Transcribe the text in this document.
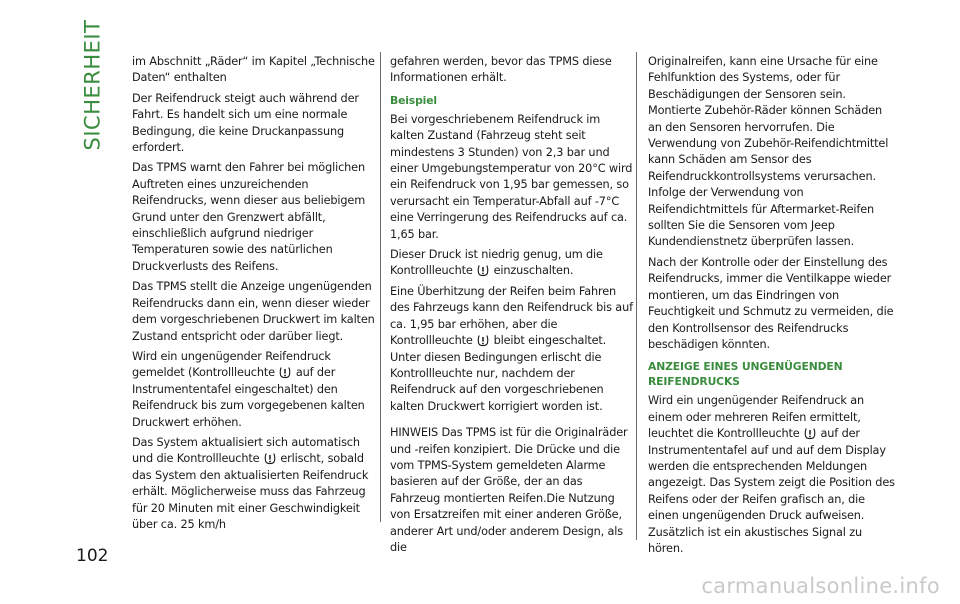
SICHERHEIT im Abschnitt „Räder“ im Kapitel „Technische Daten“ enthalten

Der Reifendruck steigt auch während der Fahrt. Es handelt sich um eine normale Bedingung, die keine Druckanpassung erfordert.

Das TPMS warnt den Fahrer bei möglichen Auftreten eines unzureichenden Reifendrucks, wenn dieser aus beliebigem Grund unter den Grenzwert abfällt, einschließlich aufgrund niedriger Temperaturen sowie des natürlichen Druckverlusts des Reifens.

Das TPMS stellt die Anzeige ungenügenden Reifendrucks dann ein, wenn dieser wieder dem vorgeschriebenen Druckwert im kalten Zustand entspricht oder darüber liegt.

Wird ein ungenügender Reifendruck gemeldet (Kontrollleuchte auf der Instrumententafel eingeschaltet) den Reifendruck bis zum vorgegebenen kalten Druckwert erhöhen.

Das System aktualisiert sich automatisch und die Kontrollleuchte erlischt, sobald das System den aktualisierten Reifendruck erhält. Möglicherweise muss das Fahrzeug für 20 Minuten mit einer Geschwindigkeit über ca. 25 km/h

gefahren werden, bevor das TPMS diese Informationen erhält.

Beispiel

Bei vorgeschriebenem Reifendruck im kalten Zustand (Fahrzeug steht seit mindestens 3 Stunden) von 2,3 bar und einer Umgebungstemperatur von 20°C wird ein Reifendruck von 1,95 bar gemessen, so verursacht ein Temperatur-Abfall auf -7°C eine Verringerung des Reifendrucks auf ca. 1,65 bar.

Dieser Druck ist niedrig genug, um die Kontrollleuchte einzuschalten.

Eine Überhitzung der Reifen beim Fahren des Fahrzeugs kann den Reifendruck bis auf ca. 1,95 bar erhöhen, aber die Kontrollleuchte bleibt eingeschaltet. Unter diesen Bedingungen erlischt die Kontrollleuchte nur, nachdem der Reifendruck auf den vorgeschriebenen kalten Druckwert korrigiert worden ist.

HINWEIS Das TPMS ist für die Originalräder und -reifen konzipiert. Die Drücke und die vom TPMS-System gemeldeten Alarme basieren auf der Größe, der an das Fahrzeug montierten Reifen.Die Nutzung von Ersatzreifen mit einer anderen Größe, anderer Art und/oder anderem Design, als die

Originalreifen, kann eine Ursache für eine Fehlfunktion des Systems, oder für Beschädigungen der Sensoren sein. Montierte Zubehör-Räder können Schäden an den Sensoren hervorrufen. Die Verwendung von Zubehör-Reifendichtmittel kann Schäden am Sensor des Reifendruckkontrollsystems verursachen. Infolge der Verwendung von Reifendichtmittels für Aftermarket-Reifen sollten Sie die Sensoren vom Jeep Kundendienstnetz überprüfen lassen.

Nach der Kontrolle oder der Einstellung des Reifendrucks, immer die Ventilkappe wieder montieren, um das Eindringen von Feuchtigkeit und Schmutz zu vermeiden, die den Kontrollsensor des Reifendrucks beschädigen könnten.

ANZEIGE EINES UNGENÜGENDEN REIFENDRUCKS

Wird ein ungenügender Reifendruck an einem oder mehreren Reifen ermittelt, leuchtet die Kontrollleuchte auf der Instrumententafel auf und auf dem Display werden die entsprechenden Meldungen angezeigt. Das System zeigt die Position des Reifens oder der Reifen grafisch an, die einen ungenügenden Druck aufweisen. Zusätzlich ist ein akustisches Signal zu hören.

102
carmanualsonline.info
